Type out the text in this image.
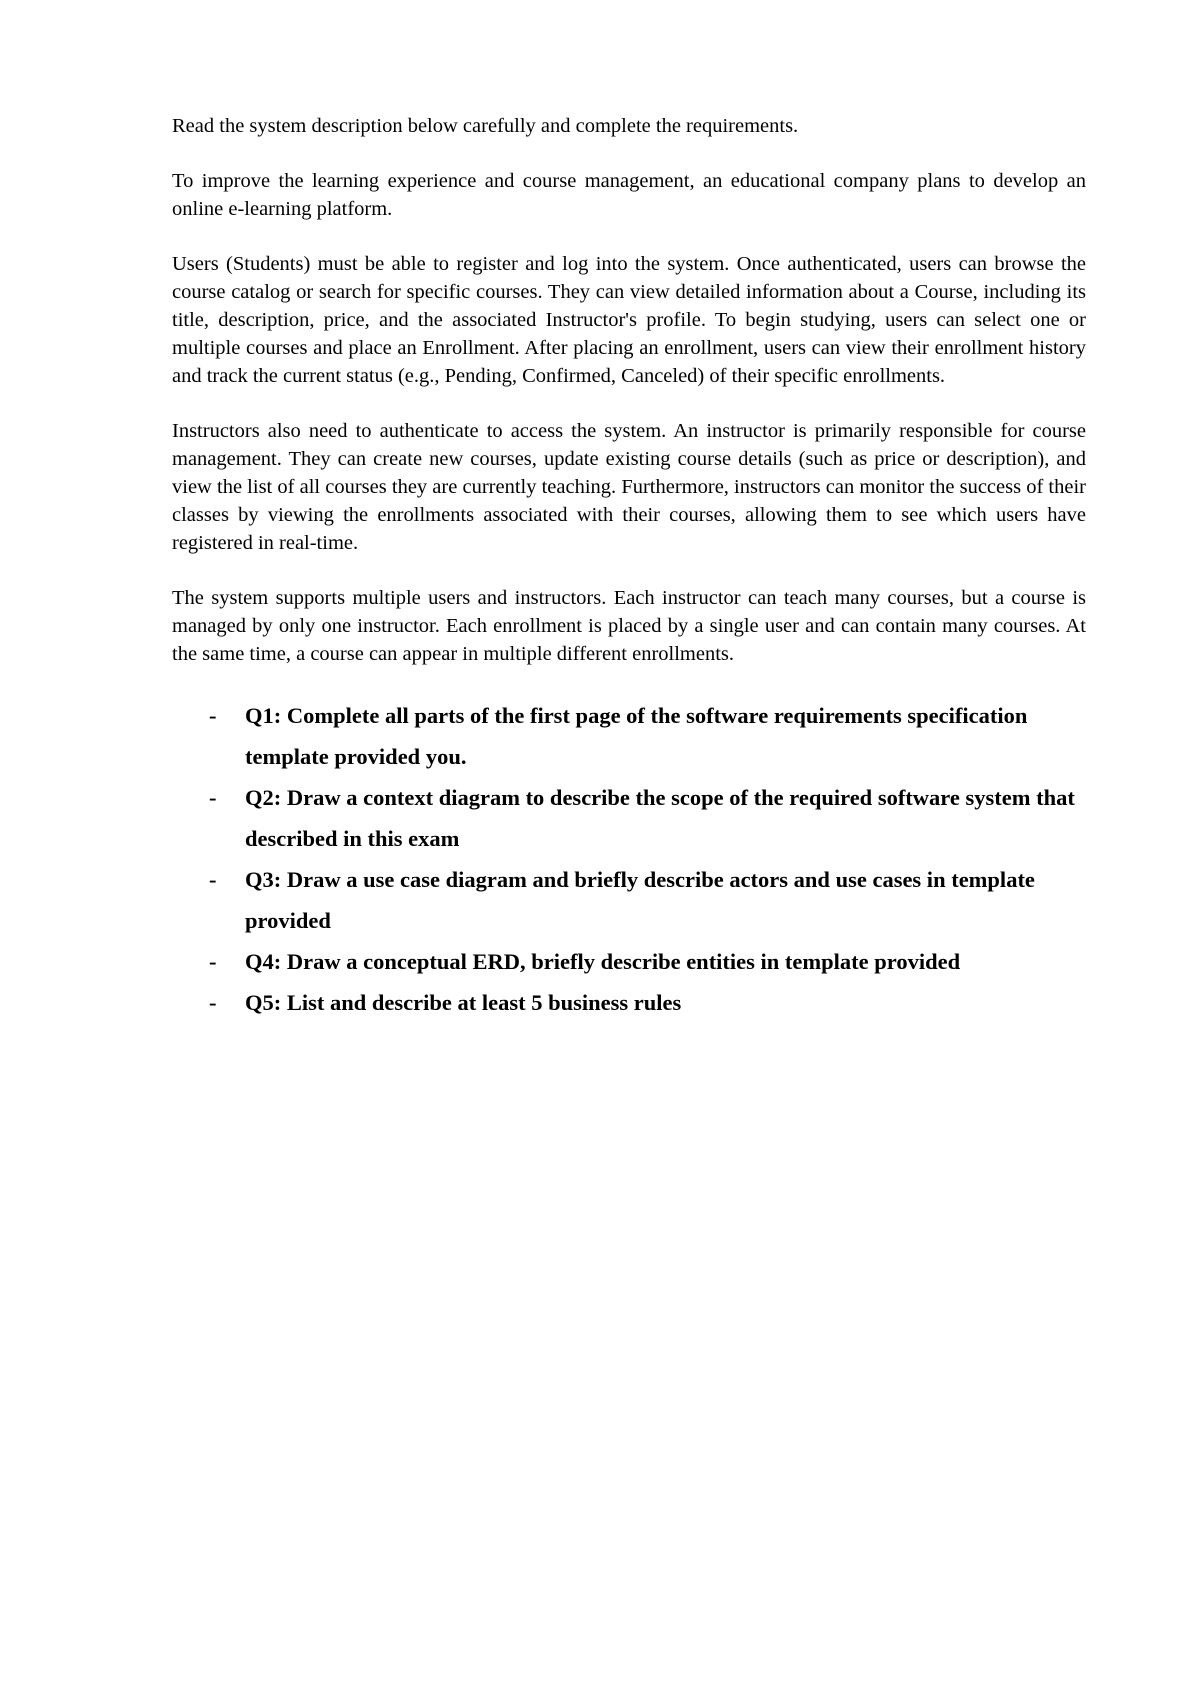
Read the system description below carefully and complete the requirements.

To improve the learning experience and course management, an educational company plans to develop an online e-learning platform.

Users (Students) must be able to register and log into the system. Once authenticated, users can browse the course catalog or search for specific courses. They can view detailed information about a Course, including its title, description, price, and the associated Instructor's profile. To begin studying, users can select one or multiple courses and place an Enrollment. After placing an enrollment, users can view their enrollment history and track the current status (e.g., Pending, Confirmed, Canceled) of their specific enrollments.

Instructors also need to authenticate to access the system. An instructor is primarily responsible for course management. They can create new courses, update existing course details (such as price or description), and view the list of all courses they are currently teaching. Furthermore, instructors can monitor the success of their classes by viewing the enrollments associated with their courses, allowing them to see which users have registered in real-time.

The system supports multiple users and instructors. Each instructor can teach many courses, but a course is managed by only one instructor. Each enrollment is placed by a single user and can contain many courses. At the same time, a course can appear in multiple different enrollments.

- Q1: Complete all parts of the first page of the software requirements specification template provided you.
- Q2: Draw a context diagram to describe the scope of the required software system that described in this exam
- Q3: Draw a use case diagram and briefly describe actors and use cases in template provided
- Q4: Draw a conceptual ERD, briefly describe entities in template provided
- Q5: List and describe at least 5 business rules
